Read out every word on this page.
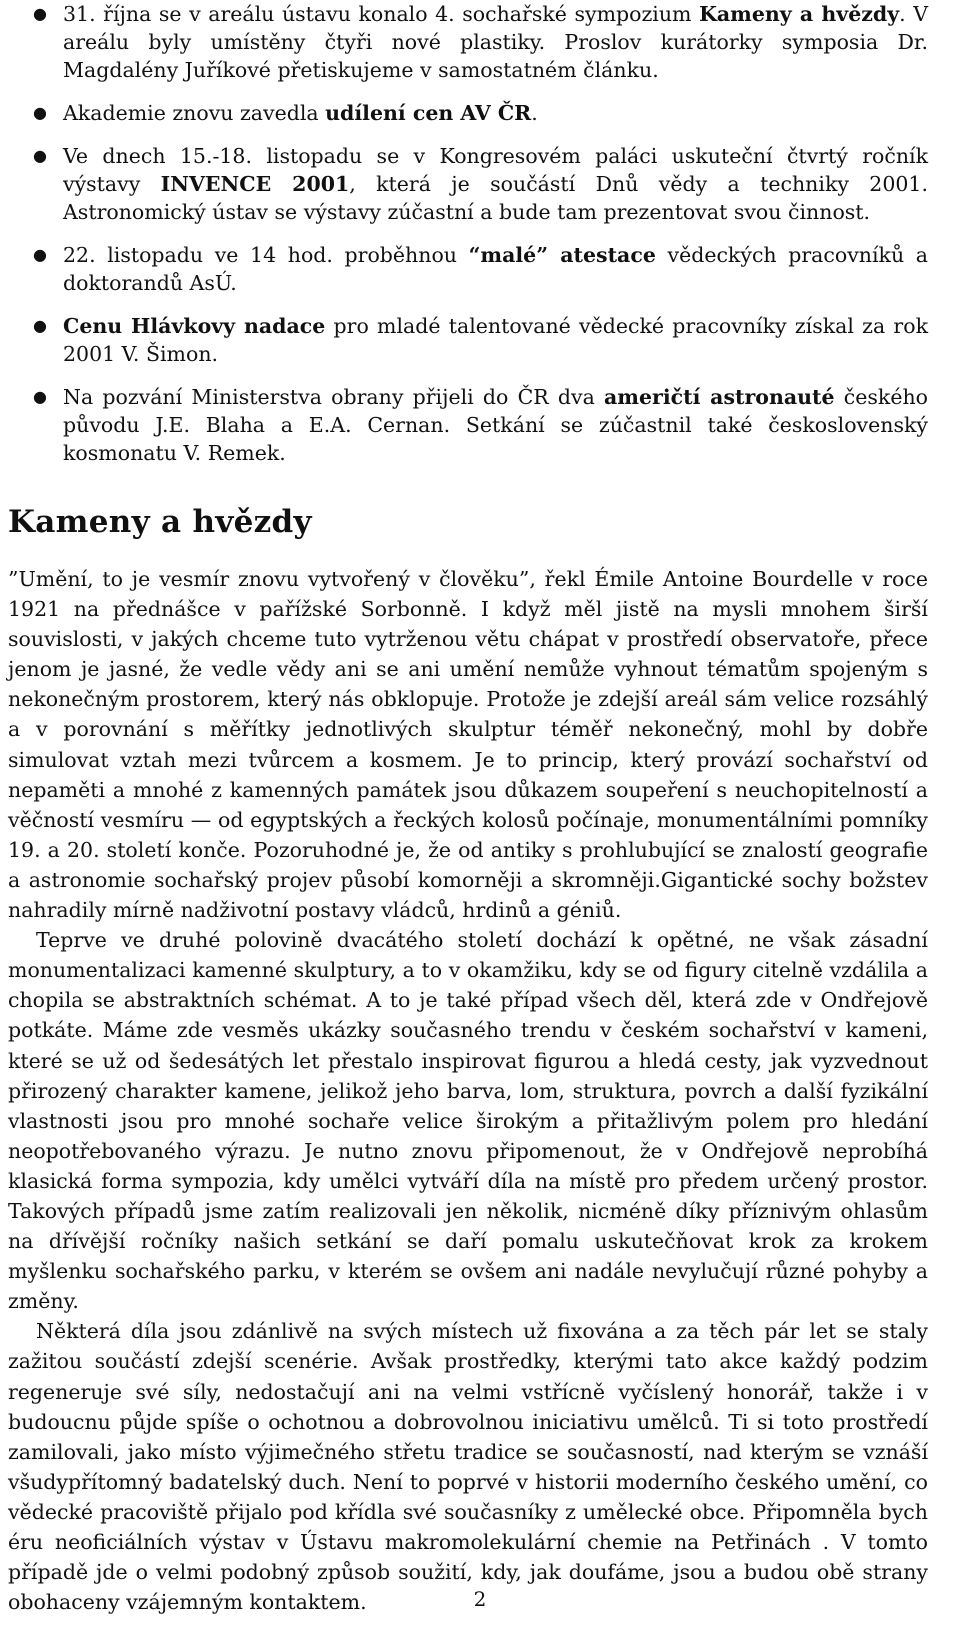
● 31. října se v areálu ústavu konalo 4. sochařské sympozium Kameny a hvězdy. V areálu byly umístěny čtyři nové plastiky. Proslov kurátorky symposia Dr. Magdalény Juříkové přetiskujeme v samostatném článku.
● Akademie znovu zavedla udílení cen AV ČR.
● Ve dnech 15.-18. listopadu se v Kongresovém paláci uskuteční čtvrtý ročník výstavy INVENCE 2001, která je součástí Dnů vědy a techniky 2001. Astronomický ústav se výstavy zúčastní a bude tam prezentovat svou činnost.
● 22. listopadu ve 14 hod. proběhnou “malé” atestace vědeckých pracovníků a doktorandů AsÚ.
● Cenu Hlávkovy nadace pro mladé talentované vědecké pracovníky získal za rok 2001 V. Šimon.
● Na pozvání Ministerstva obrany přijeli do ČR dva američtí astronauté českého původu J.E. Blaha a E.A. Cernan. Setkání se zúčastnil také československý kosmonatu V. Remek.
Kameny a hvězdy

”Umění, to je vesmír znovu vytvořený v člověku”, řekl Émile Antoine Bourdelle v roce 1921 na přednášce v pařížské Sorbonně. I když měl jistě na mysli mnohem širší souvislosti, v jakých chceme tuto vytrženou větu chápat v prostředí observatoře, přece jenom je jasné, že vedle vědy ani se ani umění nemůže vyhnout tématům spojeným s nekonečným prostorem, který nás obklopuje. Protože je zdejší areál sám velice rozsáhlý a v porovnání s měřítky jednotlivých skulptur téměř nekonečný, mohl by dobře simulovat vztah mezi tvůrcem a kosmem. Je to princip, který provází sochařství od nepaměti a mnohé z kamenných památek jsou důkazem soupeření s neuchopitelností a věčností vesmíru — od egyptských a řeckých kolosů počínaje, monumentálními pomníky 19. a 20. století konče. Pozoruhodné je, že od antiky s prohlubující se znalostí geografie a astronomie sochařský projev působí komorněji a skromněji.Gigantické sochy božstev nahradily mírně nadživotní postavy vládců, hrdinů a géniů.

Teprve ve druhé polovině dvacátého století dochází k opětné, ne však zásadní monumentalizaci kamenné skulptury, a to v okamžiku, kdy se od figury citelně vzdálila a chopila se abstraktních schémat. A to je také případ všech děl, která zde v Ondřejově potkáte. Máme zde vesměs ukázky současného trendu v českém sochařství v kameni, které se už od šedesátých let přestalo inspirovat figurou a hledá cesty, jak vyzvednout přirozený charakter kamene, jelikož jeho barva, lom, struktura, povrch a další fyzikální vlastnosti jsou pro mnohé sochaře velice širokým a přitažlivým polem pro hledání neopotřebovaného výrazu. Je nutno znovu připomenout, že v Ondřejově neprobíhá klasická forma sympozia, kdy umělci vytváří díla na místě pro předem určený prostor. Takových případů jsme zatím realizovali jen několik, nicméně díky příznivým ohlasům na dřívější ročníky našich setkání se daří pomalu uskutečňovat krok za krokem myšlenku sochařského parku, v kterém se ovšem ani nadále nevylučují různé pohyby a změny.

Některá díla jsou zdánlivě na svých místech už fixována a za těch pár let se staly zažitou součástí zdejší scenérie. Avšak prostředky, kterými tato akce každý podzim regeneruje své síly, nedostačují ani na velmi vstřícně vyčíslený honorář, takže i v budoucnu půjde spíše o ochotnou a dobrovolnou iniciativu umělců. Ti si toto prostředí zamilovali, jako místo výjimečného střetu tradice se současností, nad kterým se vznáší všudypřítomný badatelský duch. Není to poprvé v historii moderního českého umění, co vědecké pracoviště přijalo pod křídla své současníky z umělecké obce. Připomněla bych éru neoficiálních výstav v Ústavu makromolekulární chemie na Petřinách . V tomto případě jde o velmi podobný způsob soužití, kdy, jak doufáme, jsou a budou obě strany obohaceny vzájemným kontaktem.	2
